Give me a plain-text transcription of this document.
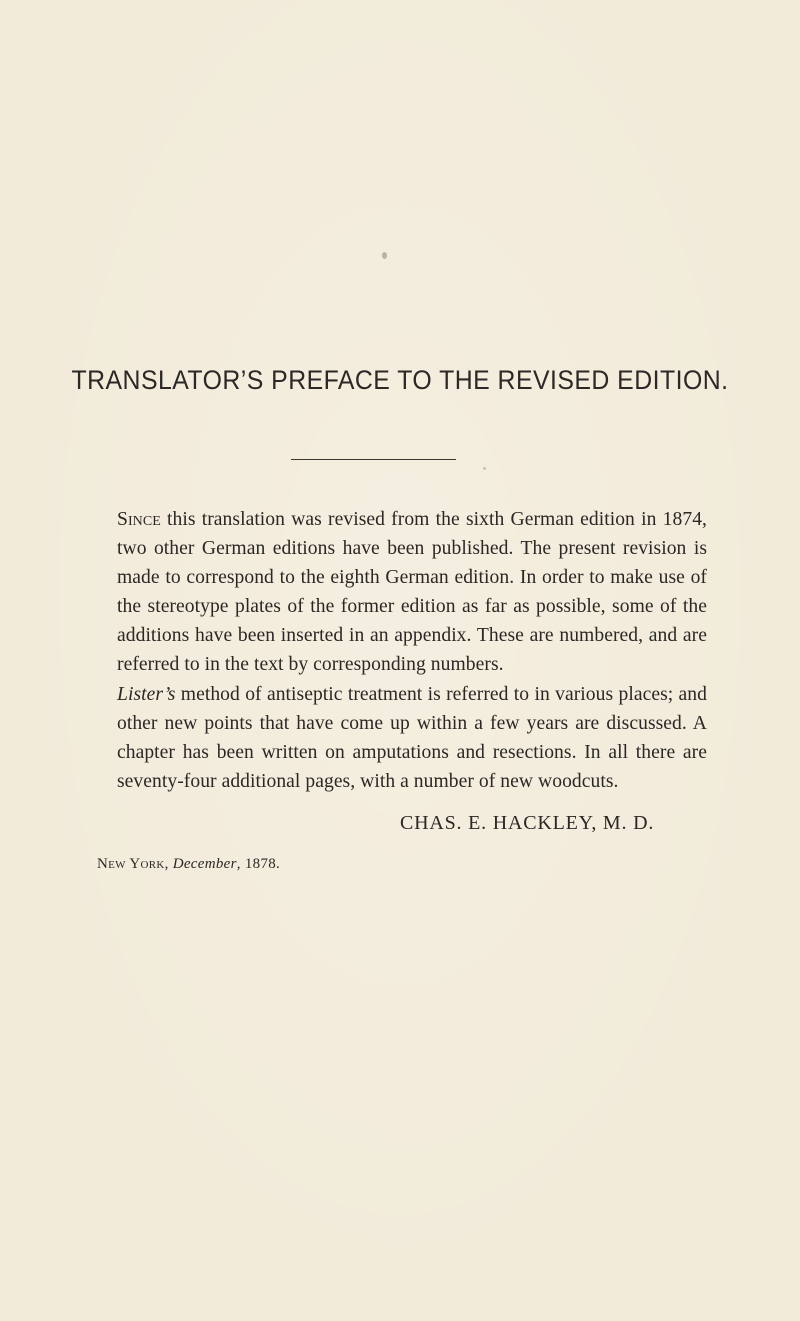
TRANSLATOR’S PREFACE TO THE REVISED EDITION.

Since this translation was revised from the sixth German edition in 1874, two other German editions have been published. The present revision is made to correspond to the eighth German edition. In order to make use of the stereotype plates of the former edition as far as possible, some of the additions have been inserted in an appendix. These are numbered, and are referred to in the text by corresponding numbers.

Lister’s method of antiseptic treatment is referred to in various places; and other new points that have come up within a few years are discussed. A chapter has been written on amputations and resections. In all there are seventy-four additional pages, with a number of new woodcuts.

CHAS. E. HACKLEY, M. D.
New York, December, 1878.
